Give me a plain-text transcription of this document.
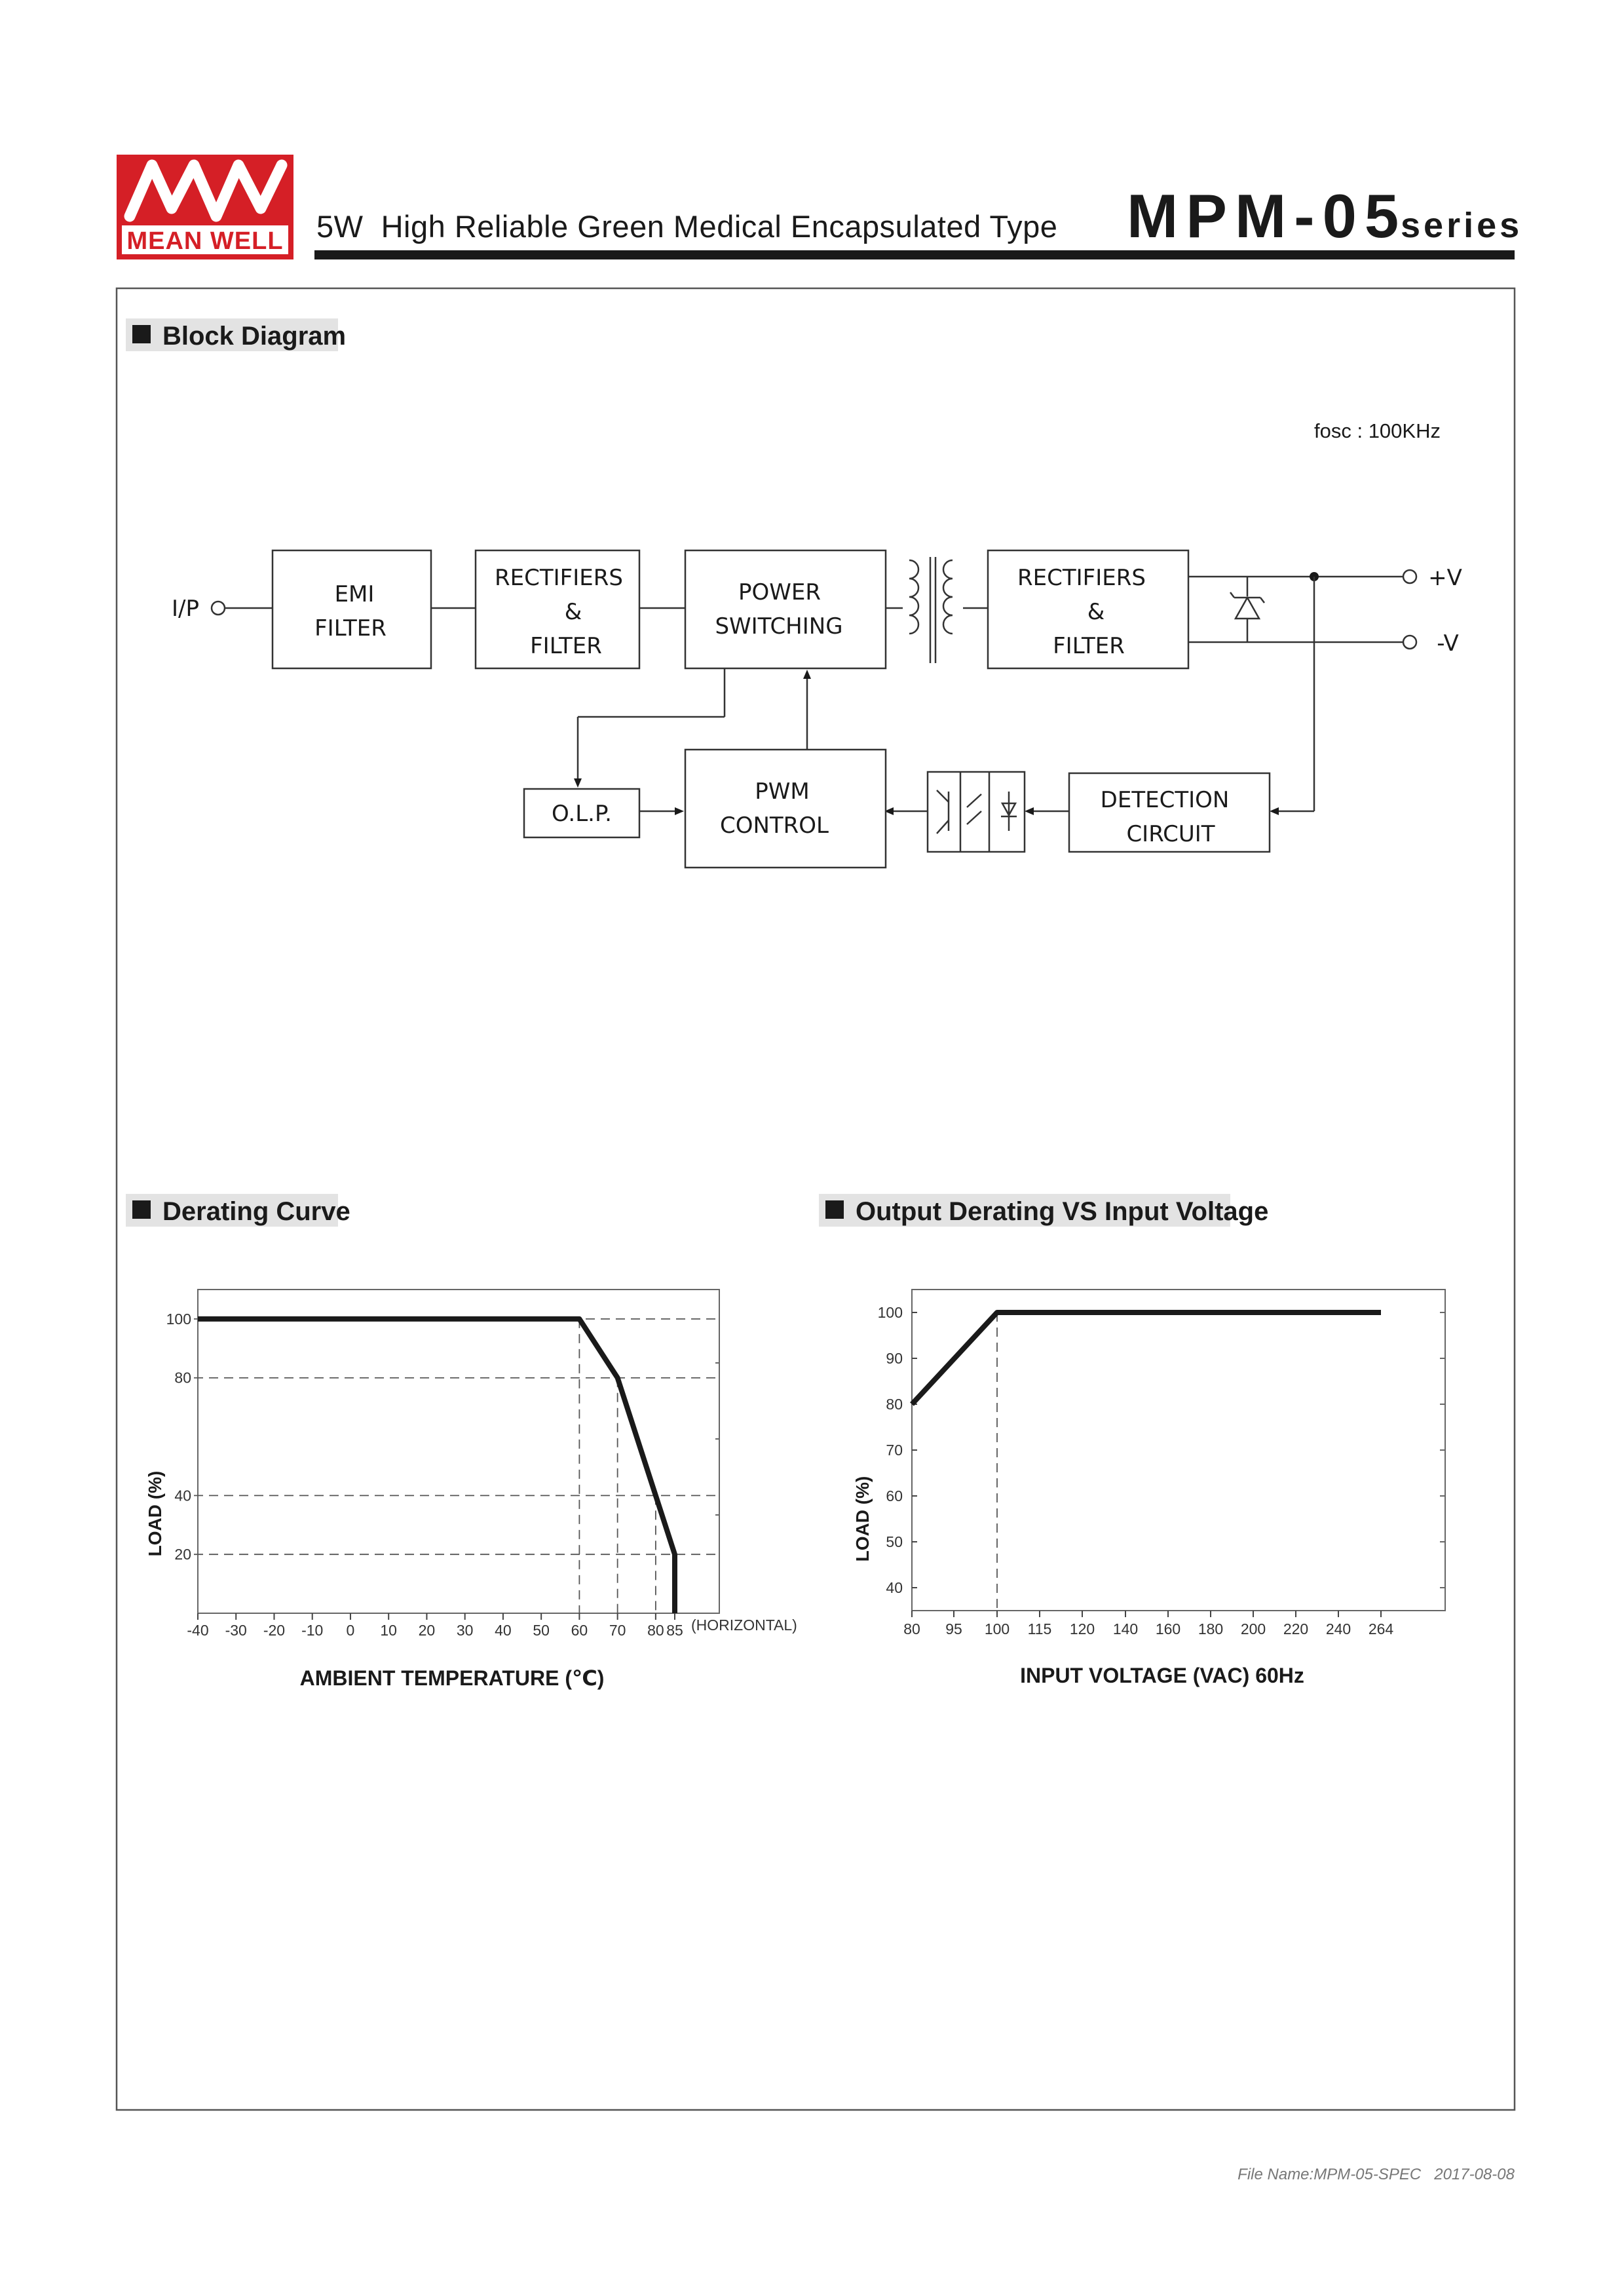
MEAN WELL 5W  High Reliable Green Medical Encapsulated Type MPM-05
series
Block Diagram
fosc : 100KHz
I/P
+V
-V
EMI
FILTER
RECTIFIERS
&
FILTER
POWER
SWITCHING
RECTIFIERS
&
FILTER
O.L.P.
PWM
CONTROL
DETECTION
CIRCUIT
Derating Curve
-40 -30 -20 -10 0 10 20 30 40 50 60 70 80 85
20
40
80
100
(HORIZONTAL)
AMBIENT TEMPERATURE (℃)
LOAD (%)
Output Derating VS Input Voltage
80 95 100 115 120 140 160 180 200 220 240 264
40
50
60
70
80
90
100
INPUT VOLTAGE (VAC) 60Hz
LOAD (%)
File Name:MPM-05-SPEC   2017-08-08
